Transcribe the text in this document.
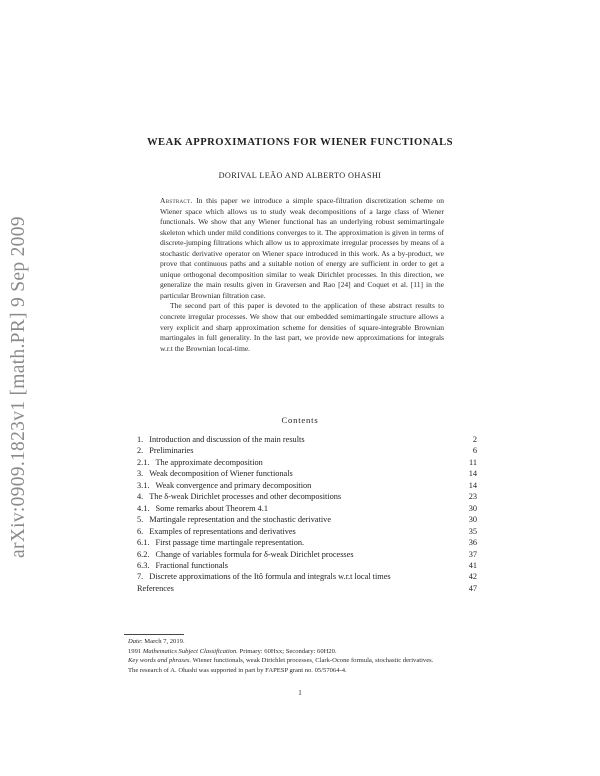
arXiv:0909.1823v1 [math.PR] 9 Sep 2009
WEAK APPROXIMATIONS FOR WIENER FUNCTIONALS
DORIVAL LEÃO AND ALBERTO OHASHI

Abstract. In this paper we introduce a simple space-filtration discretization scheme on Wiener space which allows us to study weak decompositions of a large class of Wiener functionals. We show that any Wiener functional has an underlying robust semimartingale skeleton which under mild conditions converges to it. The approximation is given in terms of discrete-jumping filtrations which allow us to approximate irregular processes by means of a stochastic derivative operator on Wiener space introduced in this work. As a by-product, we prove that continuous paths and a suitable notion of energy are sufficient in order to get a unique orthogonal decomposition similar to weak Dirichlet processes. In this direction, we generalize the main results given in Graversen and Rao [24] and Coquet et al. [11] in the particular Brownian filtration case.

The second part of this paper is devoted to the application of these abstract results to concrete irregular processes. We show that our embedded semimartingale structure allows a very explicit and sharp approximation scheme for densities of square-integrable Brownian martingales in full generality. In the last part, we provide new approximations for integrals w.r.t the Brownian local-time.

Contents
1. Introduction and discussion of the main results	2
2. Preliminaries	6
2.1. The approximate decomposition	11
3. Weak decomposition of Wiener functionals	14
3.1. Weak convergence and primary decomposition	14
4. The δ-weak Dirichlet processes and other decompositions	23
4.1. Some remarks about Theorem 4.1	30
5. Martingale representation and the stochastic derivative	30
6. Examples of representations and derivatives	35
6.1. First passage time martingale representation.	36
6.2. Change of variables formula for δ-weak Dirichlet processes	37
6.3. Fractional functionals	41
7. Discrete approximations of the Itô formula and integrals w.r.t local times	42
References	47

Date: March 7, 2019.

1991 Mathematics Subject Classification. Primary: 60Hxx; Secondary: 60H20.

Key words and phrases. Wiener functionals, weak Dirichlet processes, Clark-Ocone formula, stochastic derivatives.

The research of A. Ohashi was supported in part by FAPESP grant no. 05/57064-4.

1
